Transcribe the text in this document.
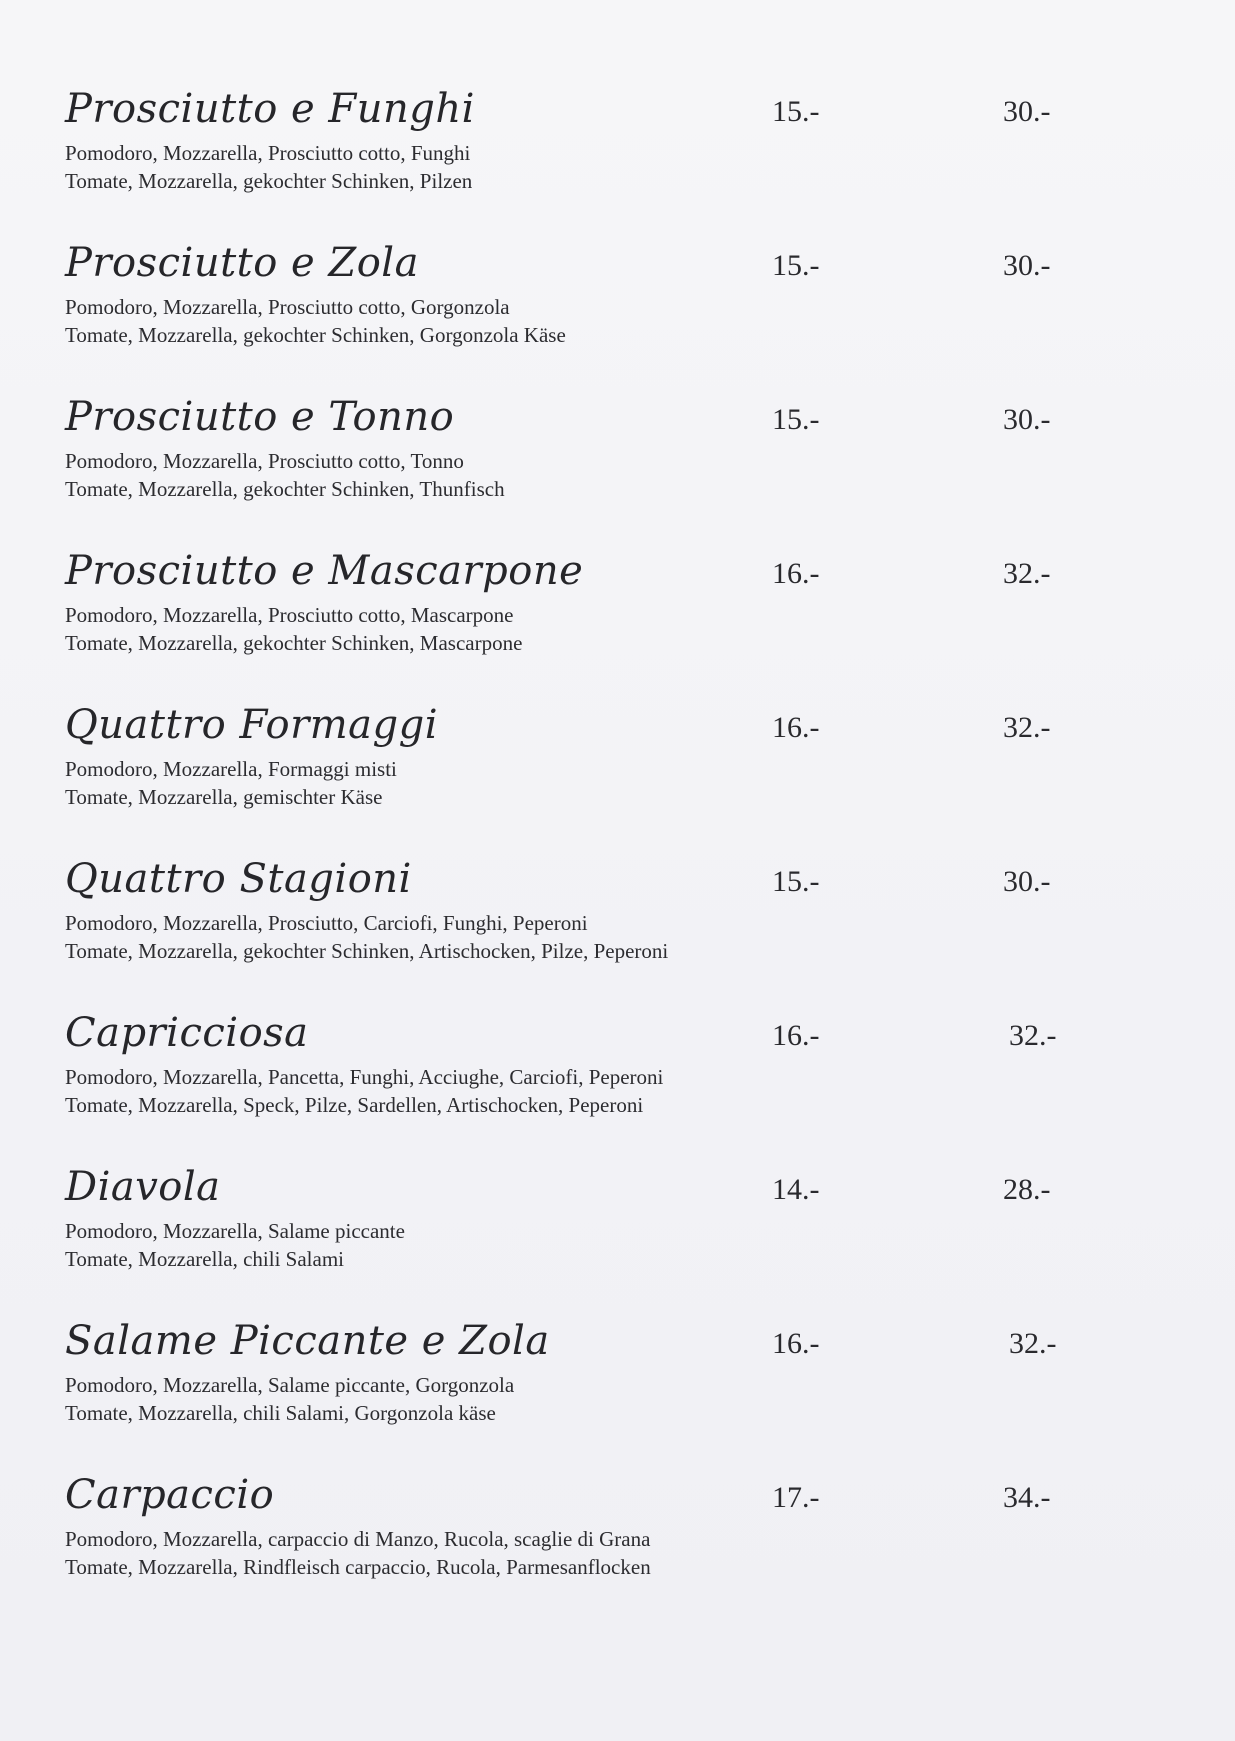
Prosciutto e Funghi
Pomodoro, Mozzarella, Prosciutto cotto, Funghi
Tomate, Mozzarella, gekochter Schinken, Pilzen
15.-	30.-
Prosciutto e Zola
Pomodoro, Mozzarella, Prosciutto cotto, Gorgonzola
Tomate, Mozzarella, gekochter Schinken, Gorgonzola Käse
15.-	30.-
Prosciutto e Tonno
Pomodoro, Mozzarella, Prosciutto cotto, Tonno
Tomate, Mozzarella, gekochter Schinken, Thunfisch
15.-	30.-
Prosciutto e Mascarpone
Pomodoro, Mozzarella, Prosciutto cotto, Mascarpone
Tomate, Mozzarella, gekochter Schinken, Mascarpone
16.-	32.-
Quattro Formaggi
Pomodoro, Mozzarella, Formaggi misti
Tomate, Mozzarella, gemischter Käse
16.-	32.-
Quattro Stagioni
Pomodoro, Mozzarella, Prosciutto, Carciofi, Funghi, Peperoni
Tomate, Mozzarella, gekochter Schinken, Artischocken, Pilze, Peperoni
15.-	30.-
Capricciosa
Pomodoro, Mozzarella, Pancetta, Funghi, Acciughe, Carciofi, Peperoni
Tomate, Mozzarella, Speck, Pilze, Sardellen, Artischocken, Peperoni
16.-	32.-
Diavola
Pomodoro, Mozzarella, Salame piccante
Tomate, Mozzarella, chili Salami
14.-	28.-
Salame Piccante e Zola
Pomodoro, Mozzarella, Salame piccante, Gorgonzola
Tomate, Mozzarella, chili Salami, Gorgonzola käse
16.-	32.-
Carpaccio
Pomodoro, Mozzarella, carpaccio di Manzo, Rucola, scaglie di Grana
Tomate, Mozzarella, Rindfleisch carpaccio, Rucola, Parmesanflocken
17.-	34.-
